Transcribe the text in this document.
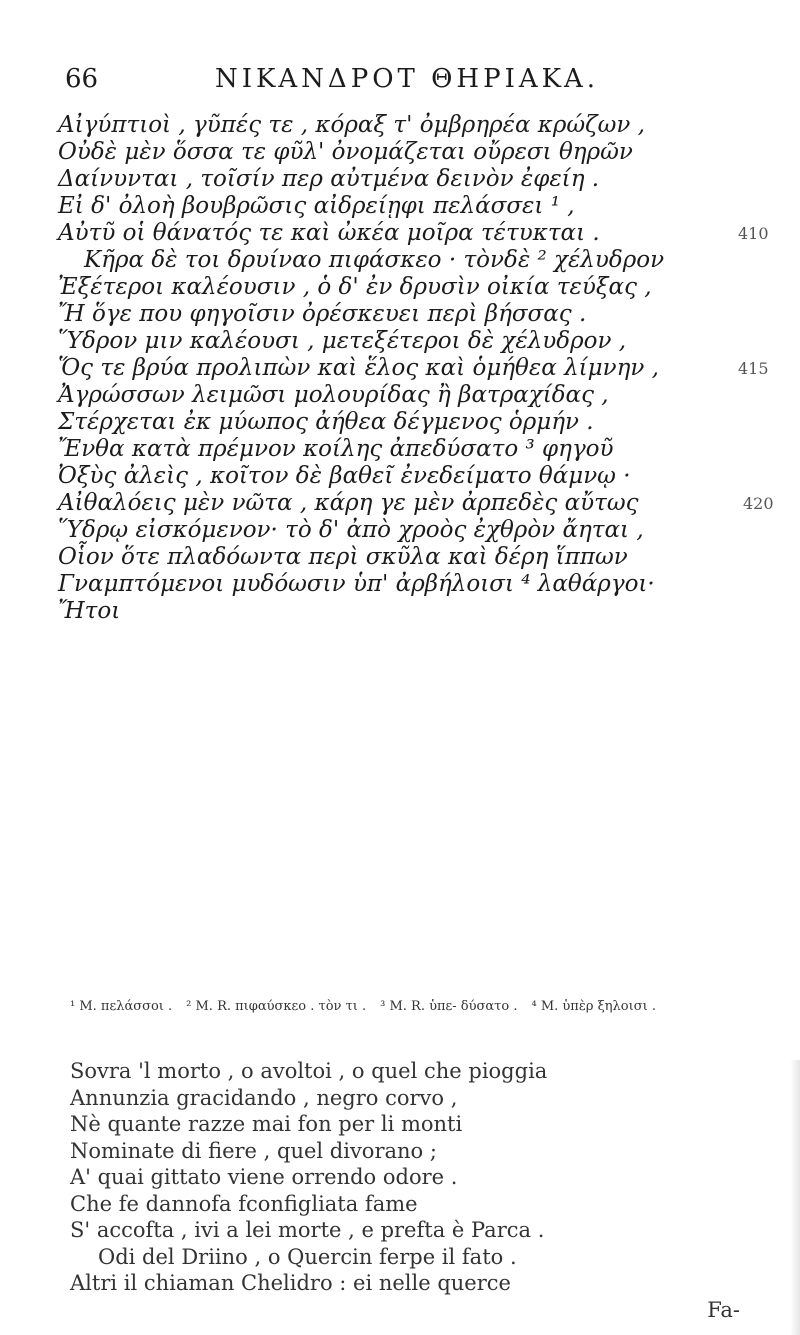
66	NIKANΔPOT ΘHPIAKA.
Αἰγύπτιοὶ , γῦπές τε , κόραξ τ' ὀμβρηρέα κρώζων ,
Οὐδὲ μὲν ὅσσα τε φῦλ' ὀνομάζεται οὔρεσι θηρῶν
Δαίνυνται , τοῖσίν περ αὐτμένα δεινὸν ἐφείη .
Εἰ δ' ὀλοὴ βουβρῶσις αἰδρείῃφι πελάσσει ¹ ,
Αὐτῦ οἱ θάνατός τε καὶ ὠκέα μοῖρα τέτυκται .	410
Κῆρα δὲ τοι δρυίναο πιφάσκεο · τὸνδὲ ² χέλυδρον
Ἐξέτεροι καλέουσιν , ὁ δ' ἐν δρυσὶν οἰκία τεύξας ,
Ἤ ὅγε που φηγοῖσιν ὀρέσκευει περὶ βήσσας .
Ὕδρον μιν καλέουσι , μετεξέτεροι δὲ χέλυδρον ,
Ὅς τε βρύα προλιπὼν καὶ ἕλος καὶ ὁμήθεα λίμνην ,	415
Ἀγρώσσων λειμῶσι μολουρίδας ἢ βατραχίδας ,
Στέρχεται ἐκ μύωπος ἀήθεα δέγμενος ὁρμήν .
Ἔνθα κατὰ πρέμνον κοίλης ἀπεδύσατο ³ φηγοῦ
Ὀξὺς ἀλεὶς , κοῖτον δὲ βαθεῖ ἐνεδείματο θάμνῳ ·
Αἰθαλόεις μὲν νῶτα , κάρη γε μὲν ἀρπεδὲς αὔτως	420
Ὕδρῳ εἰσκόμενον· τὸ δ' ἀπὸ χροὸς ἐχθρὸν ἄηται ,
Οἷον ὅτε πλαδόωντα περὶ σκῦλα καὶ δέρη ἵππων
Γναμπτόμενοι μυδόωσιν ὑπ' ἀρβήλοισι ⁴ λαθάργοι·
Ἤτοι
¹ M. πελάσσοι . ² M. R. πιφαύσκεο . τὸν τι . ³ M. R. ὑπε- δύσατο . ⁴ M. ὑπὲρ ξηλοισι .
Sovra 'l morto , o avoltoi , o quel che pioggia
Annunzia gracidando , negro corvo ,
Nè quante razze mai fon per li monti
Nominate di fiere , quel divorano ;
A' quai gittato viene orrendo odore .
Che fe dannofa fconfigliata fame
S' accofta , ivi a lei morte , e prefta è Parca .
Odi del Driino , o Quercin ferpe il fato .
Altri il chiaman Chelidro : ei nelle querce
Fa-
